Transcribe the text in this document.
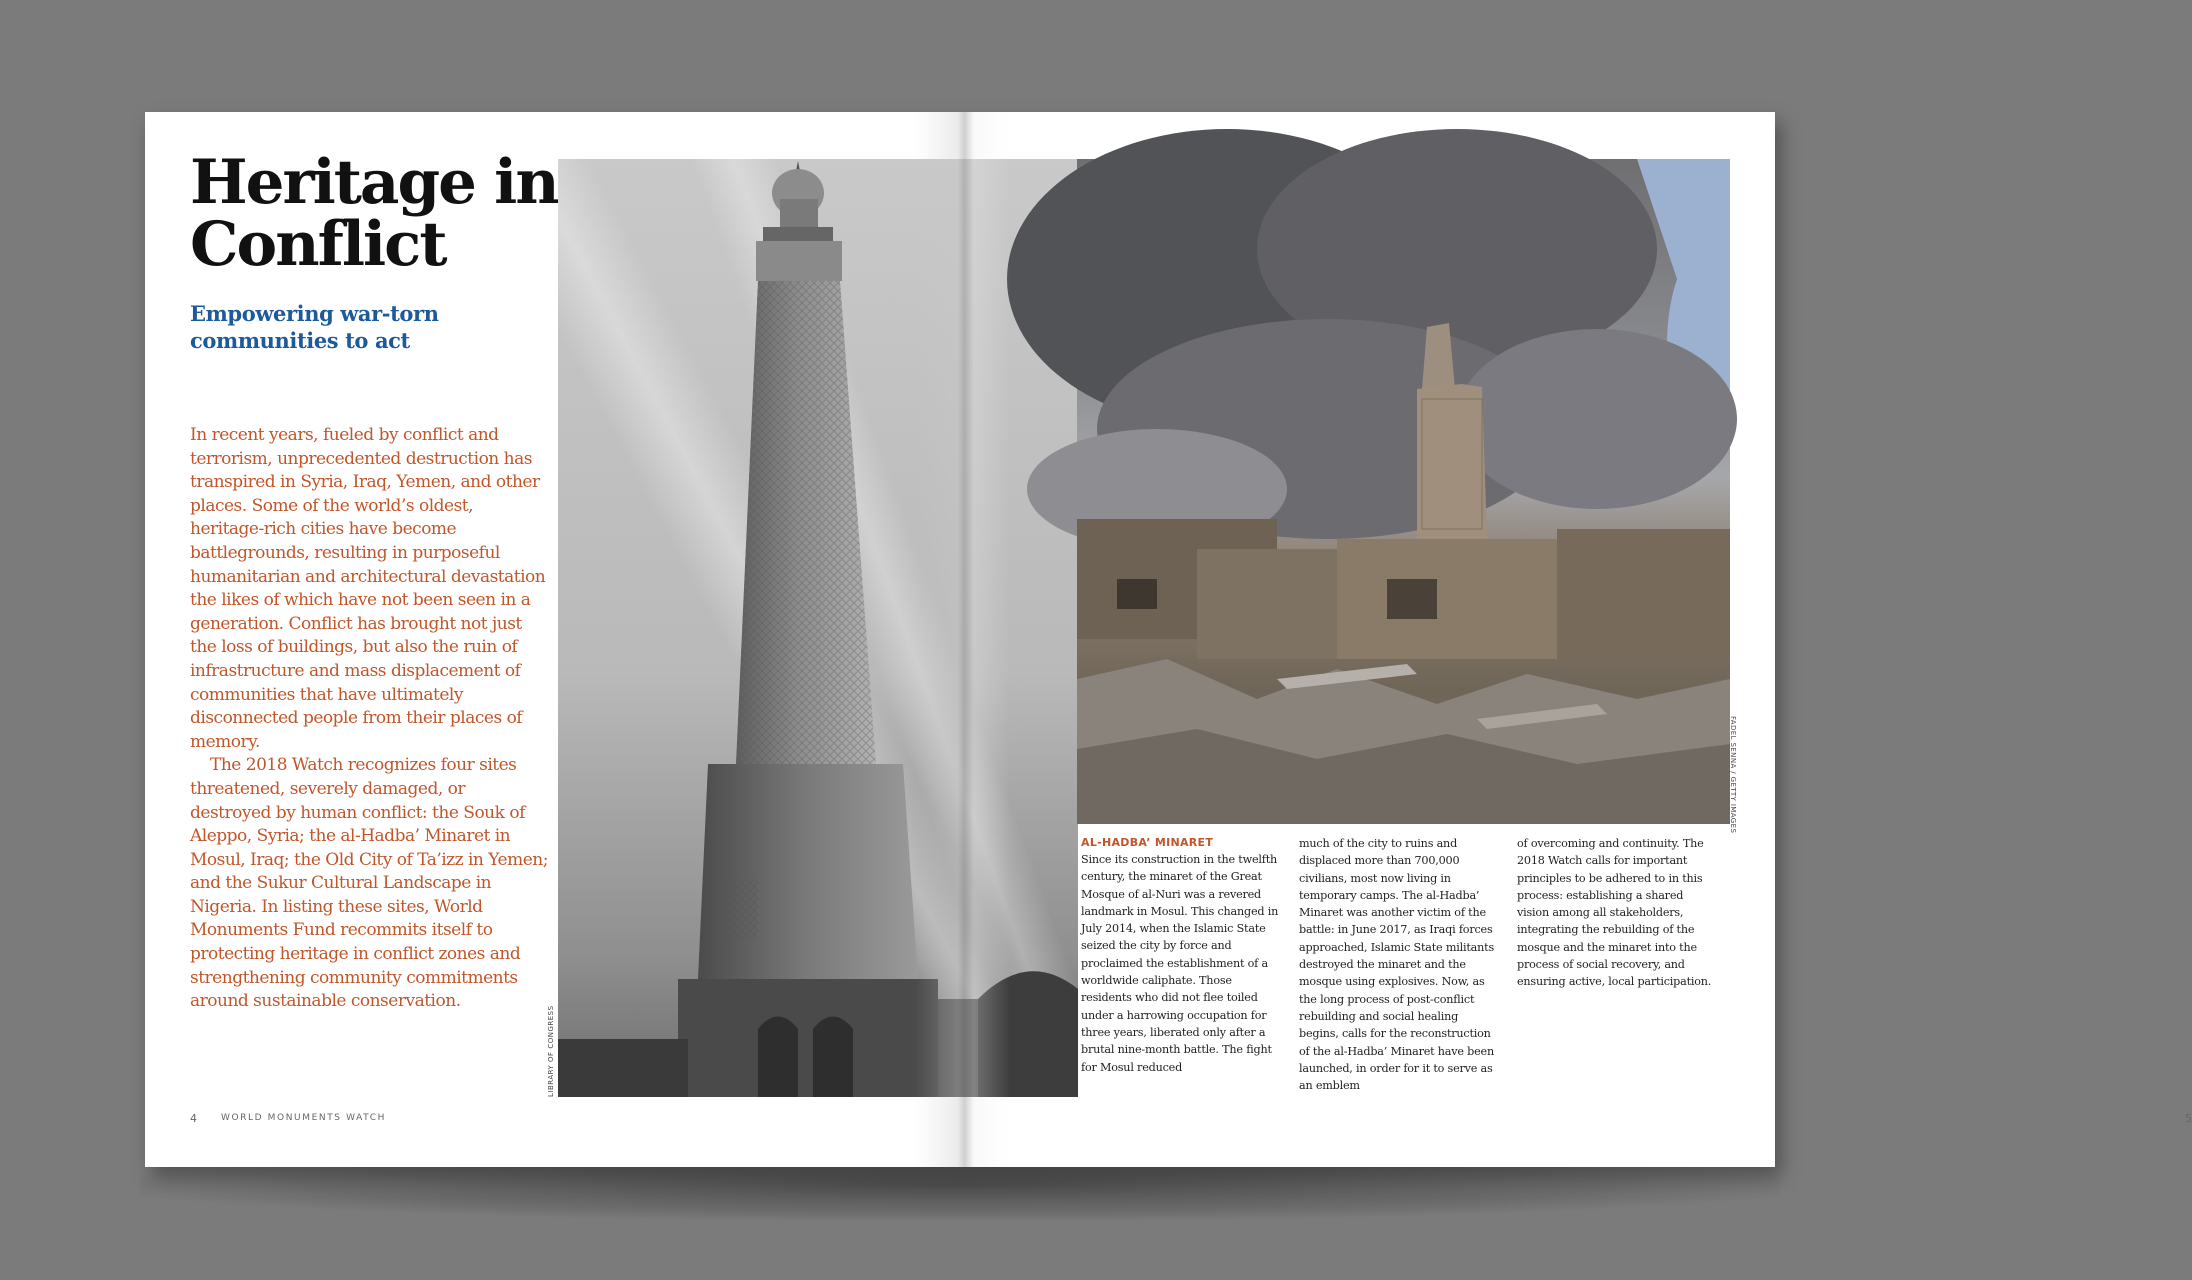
Heritage in
Conflict
Empowering war-torn communities to act

In recent years, fueled by conflict and terrorism, unprecedented destruction has transpired in Syria, Iraq, Yemen, and other places. Some of the world’s oldest, heritage-rich cities have become battlegrounds, resulting in purposeful humanitarian and architectural devastation the likes of which have not been seen in a generation. Conflict has brought not just the loss of buildings, but also the ruin of infrastructure and mass displacement of communities that have ultimately disconnected people from their places of memory.

The 2018 Watch recognizes four sites threatened, severely damaged, or destroyed by human conflict: the Souk of Aleppo, Syria; the al-Hadba’ Minaret in Mosul, Iraq; the Old City of Ta’izz in Yemen; and the Sukur Cultural Landscape in Nigeria. In listing these sites, World Monuments Fund recommits itself to protecting heritage in conflict zones and strengthening community commitments around sustainable conservation.

4	WORLD MONUMENTS WATCH	5
LIBRARY OF CONGRESS
FADEL SENNA / GETTY IMAGES
AL-HADBA’ MINARET

Since its construction in the twelfth century, the minaret of the Great Mosque of al-Nuri was a revered landmark in Mosul. This changed in July 2014, when the Islamic State seized the city by force and proclaimed the establishment of a worldwide caliphate. Those residents who did not flee toiled under a harrowing occupation for three years, liberated only after a brutal nine-month battle. The fight for Mosul reduced

much of the city to ruins and displaced more than 700,000 civilians, most now living in temporary camps. The al-Hadba’ Minaret was another victim of the battle: in June 2017, as Iraqi forces approached, Islamic State militants destroyed the minaret and the mosque using explosives. Now, as the long process of post-conflict rebuilding and social healing begins, calls for the reconstruction of the al-Hadba’ Minaret have been launched, in order for it to serve as an emblem

of overcoming and continuity. The 2018 Watch calls for important principles to be adhered to in this process: establishing a shared vision among all stakeholders, integrating the rebuilding of the mosque and the minaret into the process of social recovery, and ensuring active, local participation.
